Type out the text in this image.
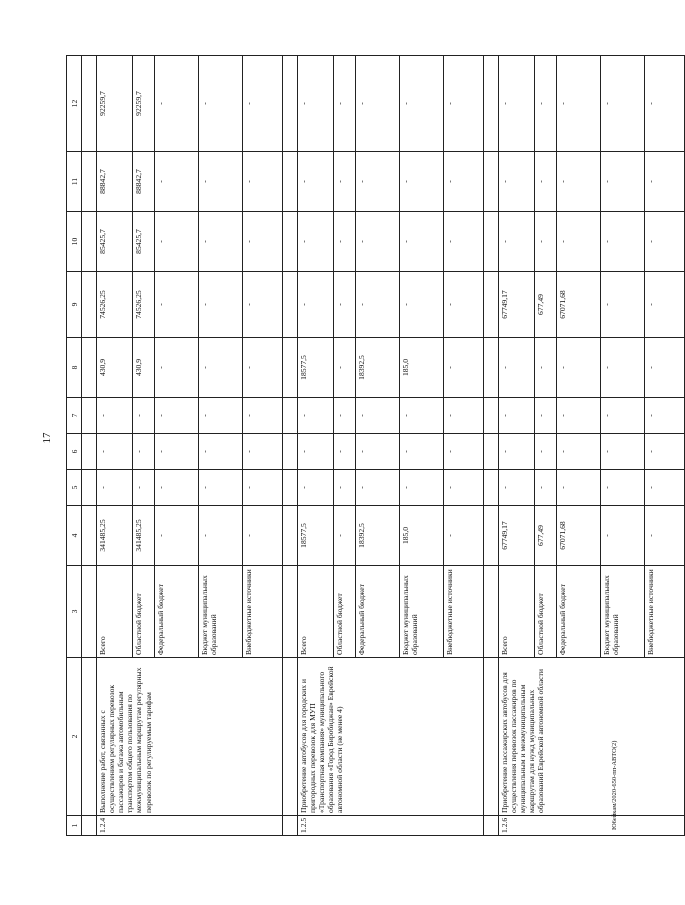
17
Ю6ейкам/2020-650-пп-АВТО(2)
1	2	3	4	5	6	7	8	9	10	11	12

1.2.4	Выполнение работ, связанных с осуществлением регулярных перевозок пассажиров и багажа автомобильным транспортом общего пользования по межмуниципальным маршрутам регулярных перевозок по регулируемым тарифам	Всего	341485,25	-	-	-	430,9	74526,25	85425,7	88842,7	92259,7
		Областной бюджет	341485,25	-	-	-	430,9	74526,25	85425,7	88842,7	92259,7
		Федеральный бюджет	-	-	-	-	-	-	-	-	-
		Бюджет муниципальных образований	-	-	-	-	-	-	-	-	-
		Внебюджетные источники	-	-	-	-	-	-	-	-	-

1.2.5	Приобретение автобусов для городских и пригородных перевозок для МУП «Транспортная компания» муниципального образования «Город Биробиджан» Еврейской автономной области (не менее 4)	Всего	18577,5	-	-	-	18577,5	-	-	-	-
		Областной бюджет	-	-	-	-	-	-	-	-	-
		Федеральный бюджет	18392,5	-	-	-	18392,5	-	-	-	-
		Бюджет муниципальных образований	185,0	-	-	-	185,0	-	-	-	-
		Внебюджетные источники	-	-	-	-	-	-	-	-	-

1.2.6	Приобретение пассажирских автобусов для осуществления перевозок пассажиров по муниципальным и межмуниципальным маршрутам для нужд муниципальных образований Еврейской автономной области	Всего	67749,17	-	-	-	-	67749,17	-	-	-
		Областной бюджет	677,49	-	-	-	-	677,49	-	-	-
		Федеральный бюджет	67071,68	-	-	-	-	67071,68	-	-	-
		Бюджет муниципальных образований	-	-	-	-	-	-	-	-	-
		Внебюджетные источники	-	-	-	-	-	-	-	-	-
